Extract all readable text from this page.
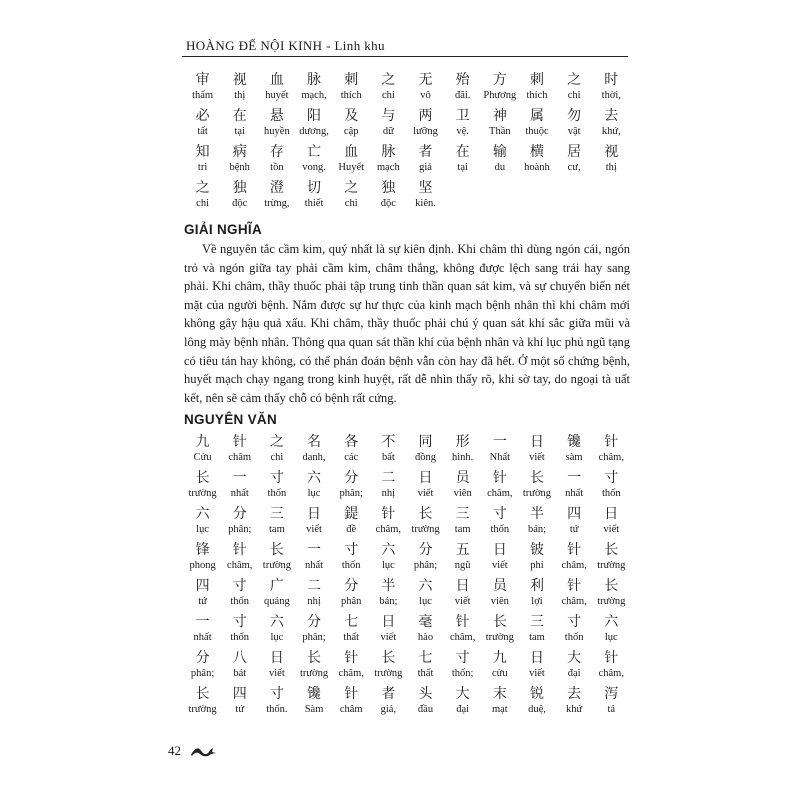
HOÀNG ĐẾ NỘI KINH - Linh khu
审
thẩm
视
thị
血
huyết
脉
mạch,
刺
thích
之
chi
无
vô
殆
đãi.
方
Phương
刺
thích
之
chi
时
thời,
必
tất
在
tại
悬
huyền
阳
dương,
及
cập
与
dữ
两
lưỡng
卫
vệ.
神
Thần
属
thuộc
勿
vật
去
khứ,
知
tri
病
bệnh
存
tồn
亡
vong.
血
Huyết
脉
mạch
者
giả
在
tại
输
du
横
hoành
居
cư,
视
thị
之
chi
独
độc
澄
trừng,
切
thiết
之
chi
独
độc
坚
kiên.
GIẢI NGHĨA

Về nguyên tắc cầm kim, quý nhất là sự kiên định. Khi châm thì dùng ngón cái, ngón trỏ và ngón giữa tay phải cầm kim, châm thẳng, không được lệch sang trái hay sang phải. Khi châm, thầy thuốc phải tập trung tinh thần quan sát kim, và sự chuyển biến nét mặt của người bệnh. Nắm được sự hư thực của kinh mạch bệnh nhân thì khi châm mới không gây hậu quả xấu. Khi châm, thầy thuốc phải chú ý quan sát khí sắc giữa mũi và lông mày bệnh nhân. Thông qua quan sát thần khí của bệnh nhân và khí lục phủ ngũ tạng có tiêu tán hay không, có thể phán đoán bệnh vẫn còn hay đã hết. Ở một số chứng bệnh, huyết mạch chạy ngang trong kinh huyệt, rất dễ nhìn thấy rõ, khi sờ tay, do ngoại tà uất kết, nên sẽ cảm thấy chỗ có bệnh rất cứng.

NGUYÊN VĂN
九
Cửu
针
châm
之
chi
名
danh,
各
các
不
bất
同
đồng
形
hình.
一
Nhất
日
viết
镵
sàm
针
châm,
长
trường
一
nhất
寸
thốn
六
lục
分
phân;
二
nhị
日
viết
员
viên
针
châm,
长
trường
一
nhất
寸
thốn
六
lục
分
phân;
三
tam
日
viết
鍉
đề
针
châm,
长
trường
三
tam
寸
thốn
半
bán;
四
tứ
日
viết
锋
phong
针
châm,
长
trường
一
nhất
寸
thốn
六
lục
分
phân;
五
ngũ
日
viết
铍
phi
针
châm,
长
trường
四
tứ
寸
thốn
广
quảng
二
nhị
分
phân
半
bán;
六
lục
日
viết
员
viên
利
lợi
针
châm,
长
trường
一
nhất
寸
thốn
六
lục
分
phân;
七
thất
日
viết
毫
hào
针
châm,
长
trường
三
tam
寸
thốn
六
lục
分
phân;
八
bát
日
viết
长
trường
针
châm,
长
trường
七
thất
寸
thốn;
九
cửu
日
viết
大
đại
针
châm,
长
trường
四
tứ
寸
thốn.
镵
Sàm
针
châm
者
giả,
头
đầu
大
đại
末
mạt
锐
duệ,
去
khứ
泻
tả
42
